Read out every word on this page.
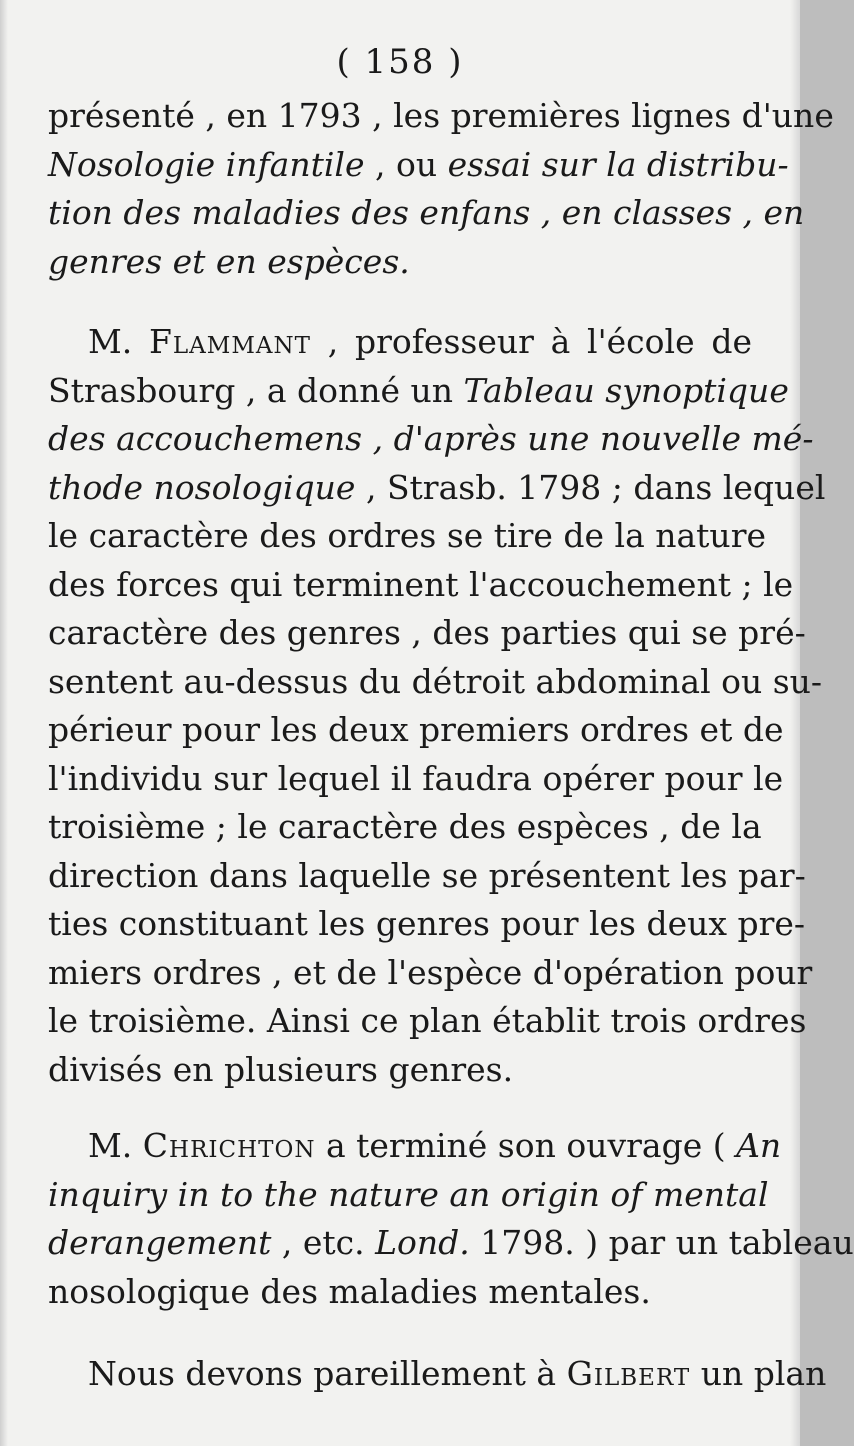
( 158 )
présenté , en 1793 , les premières lignes d'une
Nosologie infantile , ou essai sur la distribu-
tion des maladies des enfans , en classes , en
genres et en espèces.
M. Flammant , professeur à l'école de
Strasbourg , a donné un Tableau synoptique
des accouchemens , d'après une nouvelle mé-
thode nosologique , Strasb. 1798 ; dans lequel
le caractère des ordres se tire de la nature
des forces qui terminent l'accouchement ; le
caractère des genres , des parties qui se pré-
sentent au-dessus du détroit abdominal ou su-
périeur pour les deux premiers ordres et de
l'individu sur lequel il faudra opérer pour le
troisième ; le caractère des espèces , de la
direction dans laquelle se présentent les par-
ties constituant les genres pour les deux pre-
miers ordres , et de l'espèce d'opération pour
le troisième. Ainsi ce plan établit trois ordres
divisés en plusieurs genres.
M. Chrichton a terminé son ouvrage ( An
inquiry in to the nature an origin of mental
derangement , etc. Lond. 1798. ) par un tableau
nosologique des maladies mentales.
Nous devons pareillement à Gilbert un plan
